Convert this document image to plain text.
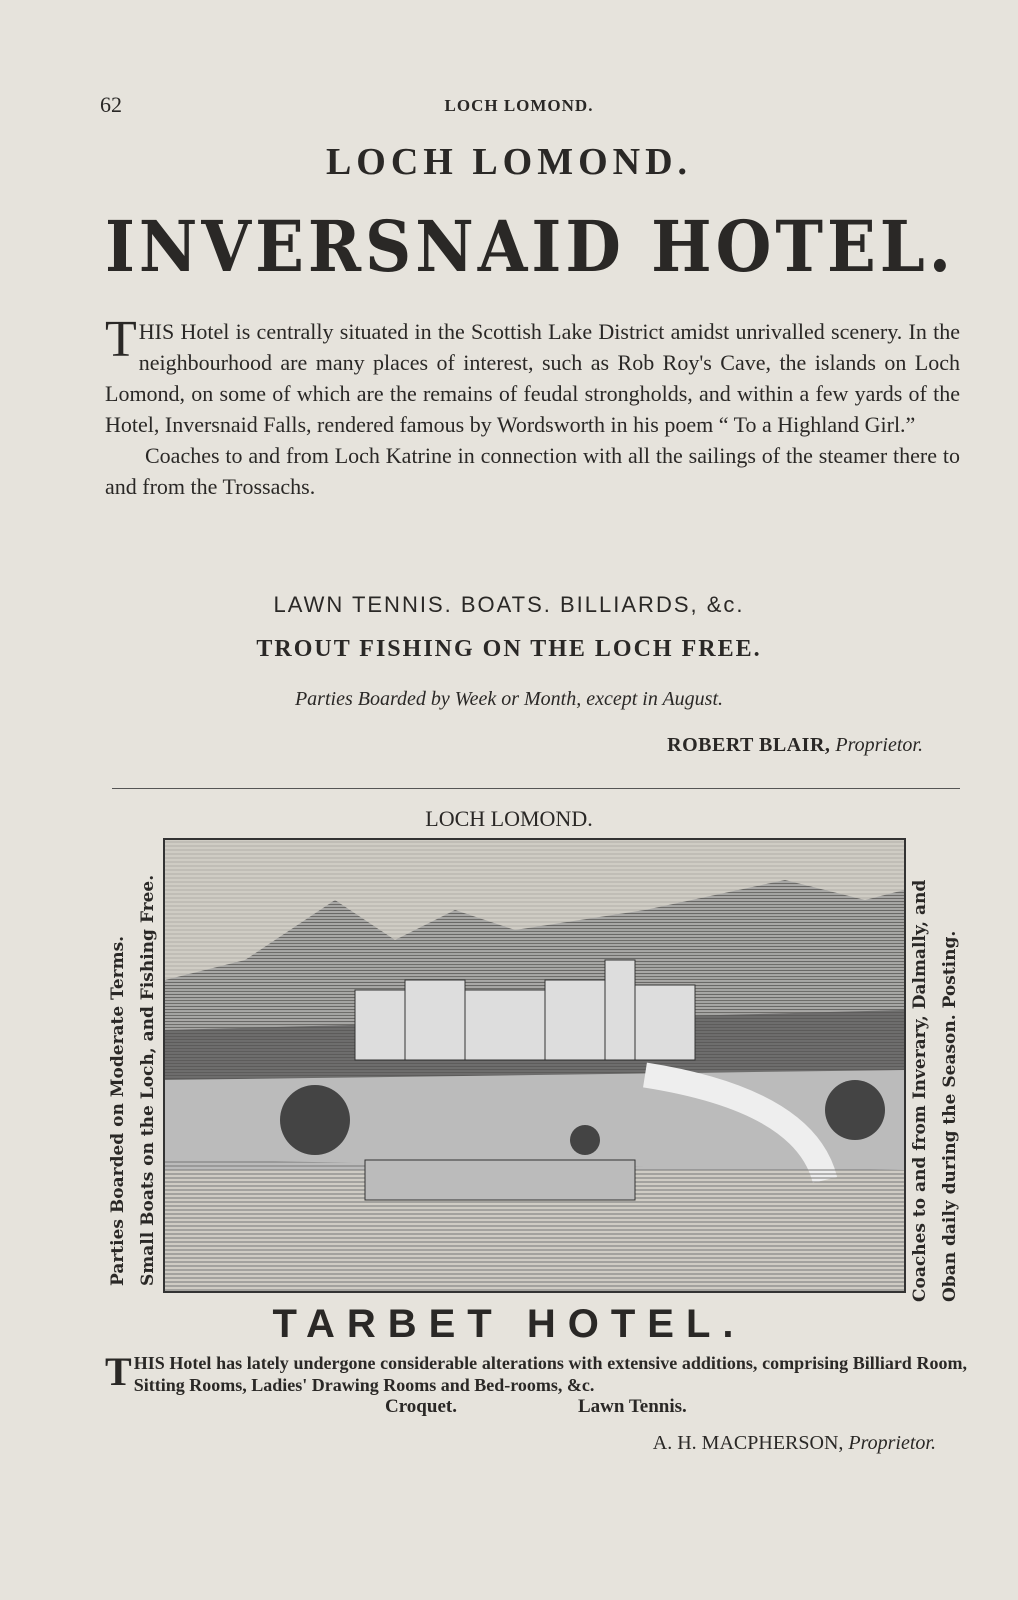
62	LOCH LOMOND.
LOCH LOMOND.
INVERSNAID HOTEL.

THIS Hotel is centrally situated in the Scottish Lake District amidst unrivalled scenery. In the neighbourhood are many places of interest, such as Rob Roy's Cave, the islands on Loch Lomond, on some of which are the remains of feudal strongholds, and within a few yards of the Hotel, Inversnaid Falls, rendered famous by Wordsworth in his poem “ To a Highland Girl.”

Coaches to and from Loch Katrine in connection with all the sailings of the steamer there to and from the Trossachs.

LAWN TENNIS. BOATS. BILLIARDS, &c.
TROUT FISHING ON THE LOCH FREE.
Parties Boarded by Week or Month, except in August.
ROBERT BLAIR, Proprietor.
LOCH LOMOND.
Parties Boarded on Moderate Terms. Small Boats on the Loch, and Fishing Free.	Coaches to and from Inverary, Dalmally, and Oban daily during the Season. Posting.
TARBET HOTEL.
THIS Hotel has lately undergone considerable alterations with extensive additions, comprising Billiard Room, Sitting Rooms, Ladies' Drawing Rooms and Bed-rooms, &c.
Croquet.	Lawn Tennis.
A. H. MACPHERSON, Proprietor.
